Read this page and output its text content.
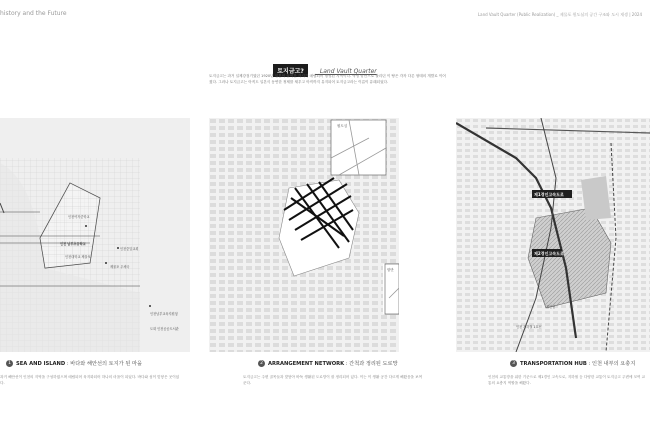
history and the Future	Land Vault Quarter (Public Realization) _ 제물포 원도심의 공간 구조와 도시 재생 | 2024
토지금고? _ Land Vault Quarter
토지금고는 과거 일제강점기였던 1920년 일본이 들여간 각지가 매립되어 형성된 지역이다. 낙성 항만으로 불리던 이 땅은 각자 다른 형태의 개발로 이어졌다. 그러나 토지금고는 아직도 일본식 동연한 정제를 채우고 아직까지 유지되어 토지금고라는 이름이 유래되었다.
인천여자중학교
인천 남부초등학교
인천대학교 제물포
인천중앙교회
제물포 우체국
인천남부교육지원청
도화 인천공공도서관
원도심
항만
제1경인고속도로
제2경인고속도로
경인선
인천 지하철 1호선
1 SEA AND ISLAND : 바다와 해안선의 토지가 된 마을	2 ARRANGEMENT NETWORK : 간척과 정리된 도로망	3 TRANSPORTATION HUB : 인천 내부의 요충지
과거 해안선이 인천의 지역을 구성하였으며 매립되어 육지화되어 하나의 마을이 되었다. 바다와 섬이 맞닿은 곳이었다.
토지금고는 주변 골목들과 맞닿아 바둑 생활된 도로망이 잘 정리되어 있다. 이는 이 생활 공간 다르게 해왔음을 보여준다.
인천의 교통망을 위한 기준으로 제1경인 고속도로, 지하철 등 다양한 교통이 토지금고 주변에 모여 교통의 요충지 역할을 해왔다.
